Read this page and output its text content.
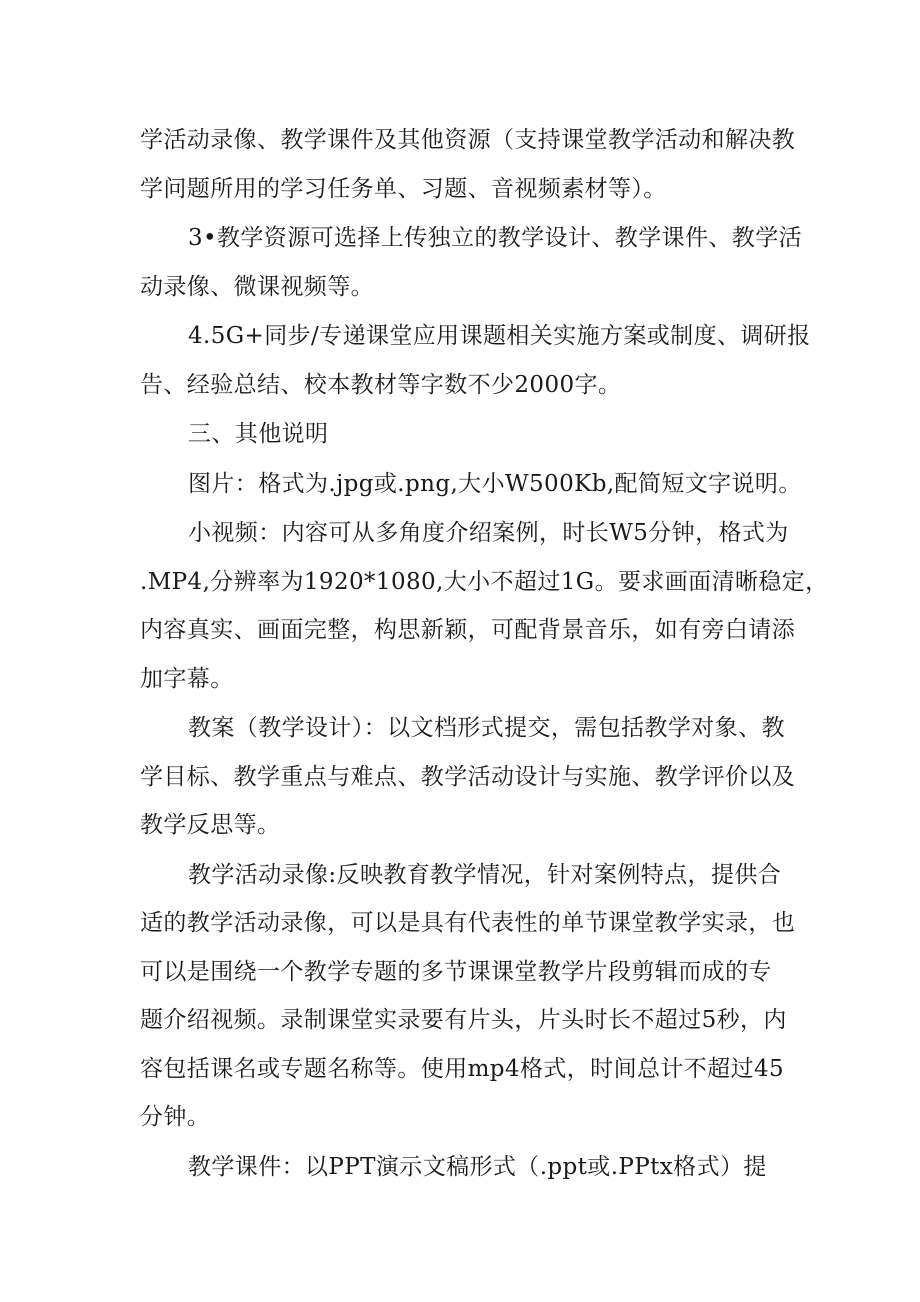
学活动录像、教学课件及其他资源（支持课堂教学活动和解决教
学问题所用的学习任务单、习题、音视频素材等）。

3•教学资源可选择上传独立的教学设计、教学课件、教学活
动录像、微课视频等。

4.5G+同步/专递课堂应用课题相关实施方案或制度、调研报
告、经验总结、校本教材等字数不少2000字。

三、其他说明

图片：格式为.jpg或.png,大小W500Kb,配简短文字说明。

小视频：内容可从多角度介绍案例，时长W5分钟，格式为
.MP4,分辨率为1920*1080,大小不超过1G。要求画面清晰稳定，
内容真实、画面完整，构思新颖，可配背景音乐，如有旁白请添
加字幕。

教案（教学设计）：以文档形式提交，需包括教学对象、教
学目标、教学重点与难点、教学活动设计与实施、教学评价以及
教学反思等。

教学活动录像:反映教育教学情况，针对案例特点，提供合
适的教学活动录像，可以是具有代表性的单节课堂教学实录，也
可以是围绕一个教学专题的多节课课堂教学片段剪辑而成的专
题介绍视频。录制课堂实录要有片头，片头时长不超过5秒，内
容包括课名或专题名称等。使用mp4格式，时间总计不超过45
分钟。

教学课件：以PPT演示文稿形式（.ppt或.PPtx格式）提
